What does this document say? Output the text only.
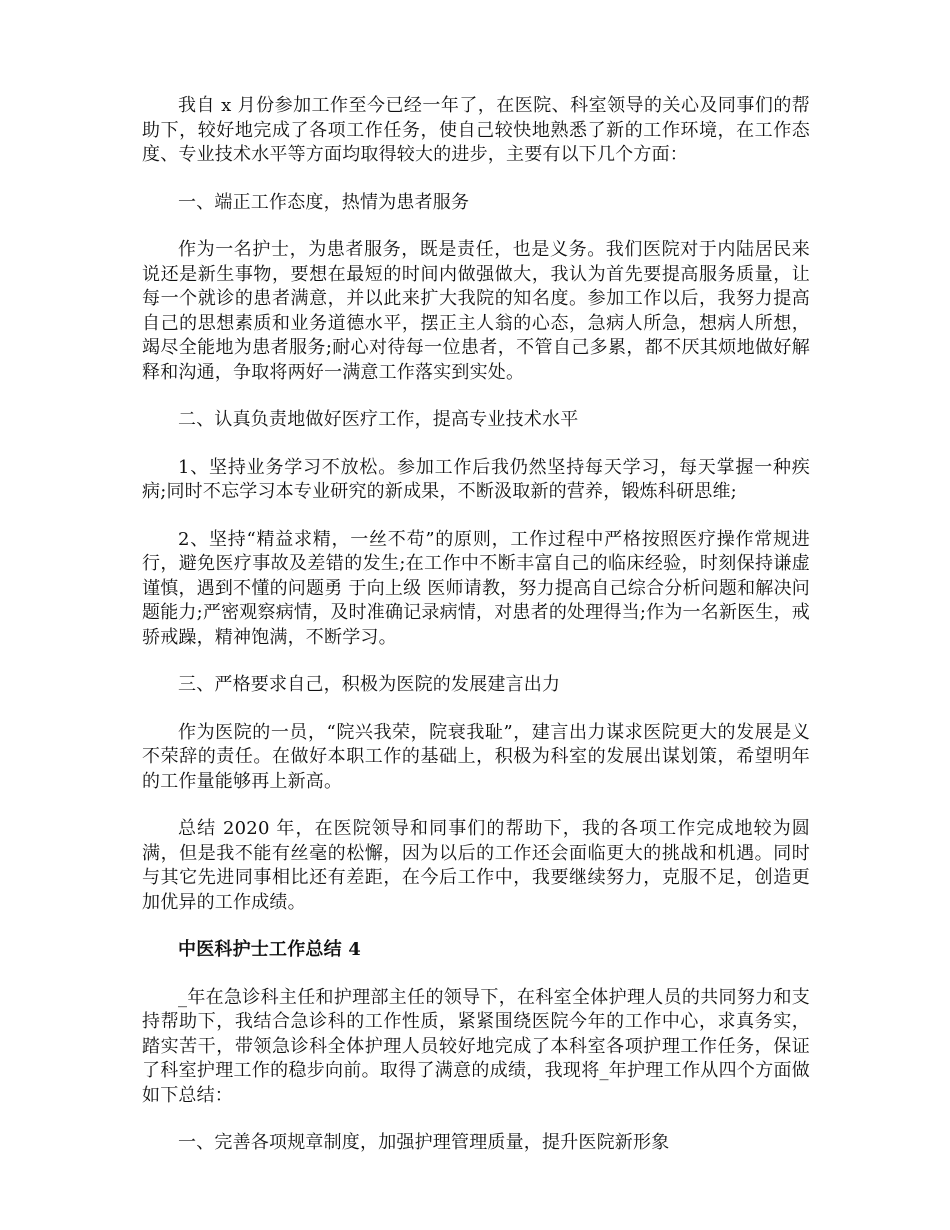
我自 x 月份参加工作至今已经一年了，在医院、科室领导的关心及同事们的帮助下，较好地完成了各项工作任务，使自己较快地熟悉了新的工作环境，在工作态度、专业技术水平等方面均取得较大的进步，主要有以下几个方面：

一、端正工作态度，热情为患者服务

作为一名护士，为患者服务，既是责任，也是义务。我们医院对于内陆居民来说还是新生事物，要想在最短的时间内做强做大，我认为首先要提高服务质量，让每一个就诊的患者满意，并以此来扩大我院的知名度。参加工作以后，我努力提高自己的思想素质和业务道德水平，摆正主人翁的心态，急病人所急，想病人所想，竭尽全能地为患者服务;耐心对待每一位患者，不管自己多累，都不厌其烦地做好解释和沟通，争取将两好一满意工作落实到实处。

二、认真负责地做好医疗工作，提高专业技术水平

1、坚持业务学习不放松。参加工作后我仍然坚持每天学习，每天掌握一种疾病;同时不忘学习本专业研究的新成果，不断汲取新的营养，锻炼科研思维;

2、坚持“精益求精，一丝不苟”的原则，工作过程中严格按照医疗操作常规进行，避免医疗事故及差错的发生;在工作中不断丰富自己的临床经验，时刻保持谦虚谨慎，遇到不懂的问题勇 于向上级 医师请教，努力提高自己综合分析问题和解决问题能力;严密观察病情，及时准确记录病情，对患者的处理得当;作为一名新医生，戒骄戒躁，精神饱满，不断学习。

三、严格要求自己，积极为医院的发展建言出力

作为医院的一员，“院兴我荣，院衰我耻”，建言出力谋求医院更大的发展是义不荣辞的责任。在做好本职工作的基础上，积极为科室的发展出谋划策，希望明年的工作量能够再上新高。

总结 2020 年，在医院领导和同事们的帮助下，我的各项工作完成地较为圆满，但是我不能有丝毫的松懈，因为以后的工作还会面临更大的挑战和机遇。同时与其它先进同事相比还有差距，在今后工作中，我要继续努力，克服不足，创造更加优异的工作成绩。

中医科护士工作总结 4

_年在急诊科主任和护理部主任的领导下，在科室全体护理人员的共同努力和支持帮助下，我结合急诊科的工作性质，紧紧围绕医院今年的工作中心，求真务实，踏实苦干，带领急诊科全体护理人员较好地完成了本科室各项护理工作任务，保证了科室护理工作的稳步向前。取得了满意的成绩，我现将_年护理工作从四个方面做如下总结：

一、完善各项规章制度，加强护理管理质量，提升医院新形象
